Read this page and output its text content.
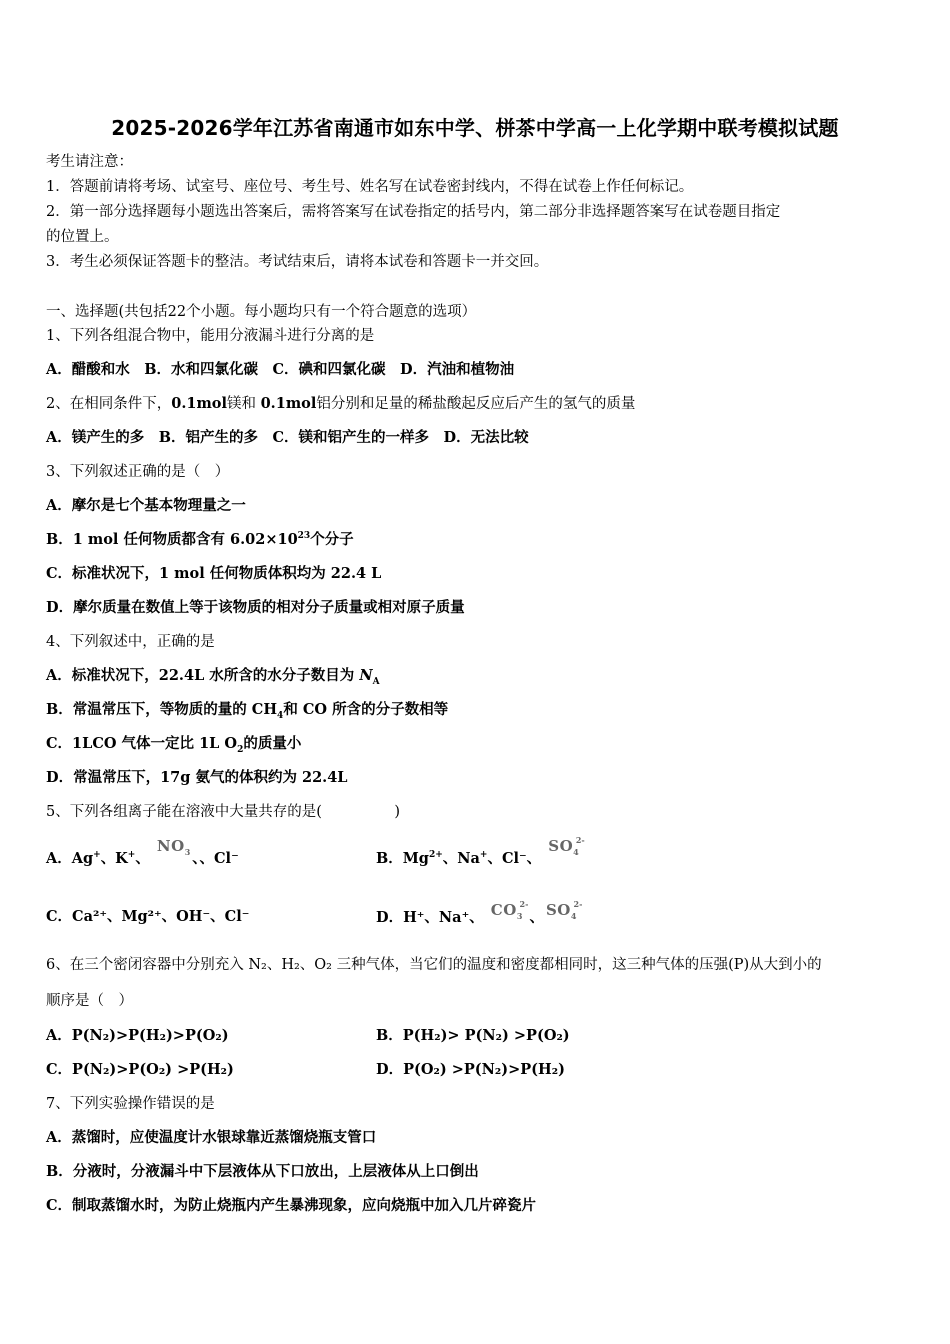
2025-2026学年江苏省南通市如东中学、栟茶中学高一上化学期中联考模拟试题
考生请注意：
1．答题前请将考场、试室号、座位号、考生号、姓名写在试卷密封线内，不得在试卷上作任何标记。
2．第一部分选择题每小题选出答案后，需将答案写在试卷指定的括号内，第二部分非选择题答案写在试卷题目指定
的位置上。
3．考生必须保证答题卡的整洁。考试结束后，请将本试卷和答题卡一并交回。
一、选择题(共包括22个小题。每小题均只有一个符合题意的选项）
1、下列各组混合物中，能用分液漏斗进行分离的是
A．醋酸和水　B．水和四氯化碳　C．碘和四氯化碳　D．汽油和植物油
2、在相同条件下，0.1mol镁和 0.1mol铝分别和足量的稀盐酸起反应后产生的氢气的质量
A．镁产生的多　B．铝产生的多　C．镁和铝产生的一样多　D．无法比较
3、下列叙述正确的是（　）
A．摩尔是七个基本物理量之一
B．1 mol 任何物质都含有 $6.02\times 10^{23}$个分子
C．标准状况下，1 mol 任何物质体积均为 22.4 L
D．摩尔质量在数值上等于该物质的相对分子质量或相对原子质量
4、下列叙述中，正确的是
A．标准状况下，22.4L 水所含的水分子数目为 $N_A$
B．常温常压下，等物质的量的 $CH_4$和 CO 所含的分子数相等
C．1LCO 气体一定比 1L $O_2$的质量小
D．常温常压下，17g 氨气的体积约为 22.4L
5、下列各组离子能在溶液中大量共存的是(　　　　　)
A．Ag+、K+、 $NO_3$ 、、Cl⁻	B．$Mg^{2+}$、Na+、Cl⁻、 $SO_4$
2-
C．Ca²⁺、Mg²⁺、OH⁻、Cl⁻	D．H⁺、Na⁺、 $CO_3$
2-
、 $SO_4$
2-
6、在三个密闭容器中分别充入 N₂、H₂、O₂ 三种气体，当它们的温度和密度都相同时，这三种气体的压强(P)从大到小的
顺序是（　）
A．P(N₂)>P(H₂)>P(O₂)	B．P(H₂)> P(N₂) >P(O₂)
C．P(N₂)>P(O₂) >P(H₂)	D．P(O₂) >P(N₂)>P(H₂)
7、下列实验操作错误的是
A．蒸馏时，应使温度计水银球靠近蒸馏烧瓶支管口
B．分液时，分液漏斗中下层液体从下口放出，上层液体从上口倒出
C．制取蒸馏水时，为防止烧瓶内产生暴沸现象，应向烧瓶中加入几片碎瓷片
